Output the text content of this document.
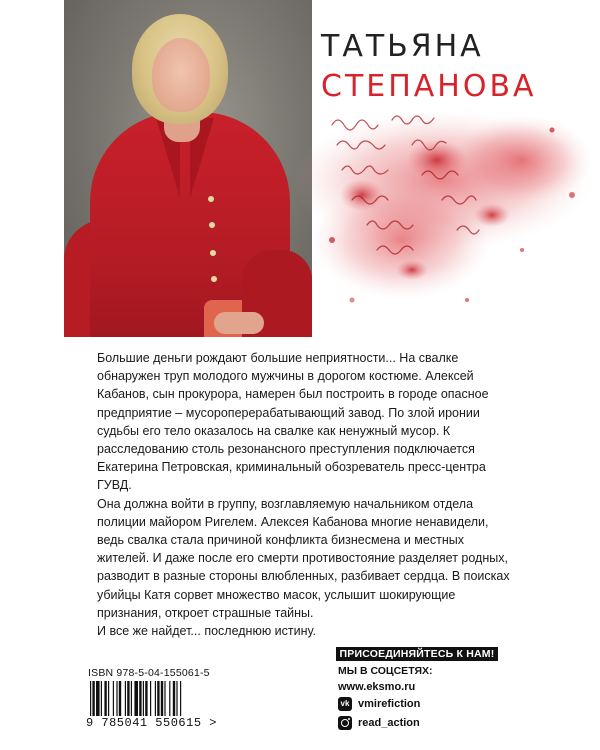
ТАТЬЯНА
СТЕПАНОВА

Большие деньги рождают большие неприятности... На свалке обнаружен труп молодого мужчины в дорогом костюме. Алексей Кабанов, сын прокурора, намерен был построить в городе опасное предприятие – мусороперерабатывающий завод. По злой иронии судьбы его тело оказалось на свалке как ненужный мусор. К расследованию столь резонансного преступления подключается Екатерина Петровская, криминальный обозреватель пресс-центра ГУВД.

Она должна войти в группу, возглавляемую начальником отдела полиции майором Ригелем. Алексея Кабанова многие ненавидели, ведь свалка стала причиной конфликта бизнесмена и местных жителей. И даже после его смерти противостояние разделяет родных, разводит в разные стороны влюбленных, разбивает сердца. В поисках убийцы Катя сорвет множество масок, услышит шокирующие признания, откроет страшные тайны.

И все же найдет... последнюю истину.

ISBN 978-5-04-155061-5
9 785041 550615 >
ПРИСОЕДИНЯЙТЕСЬ К НАМ!
МЫ В СОЦСЕТЯХ:
www.eksmo.ru
vk vmirefiction
read_action
